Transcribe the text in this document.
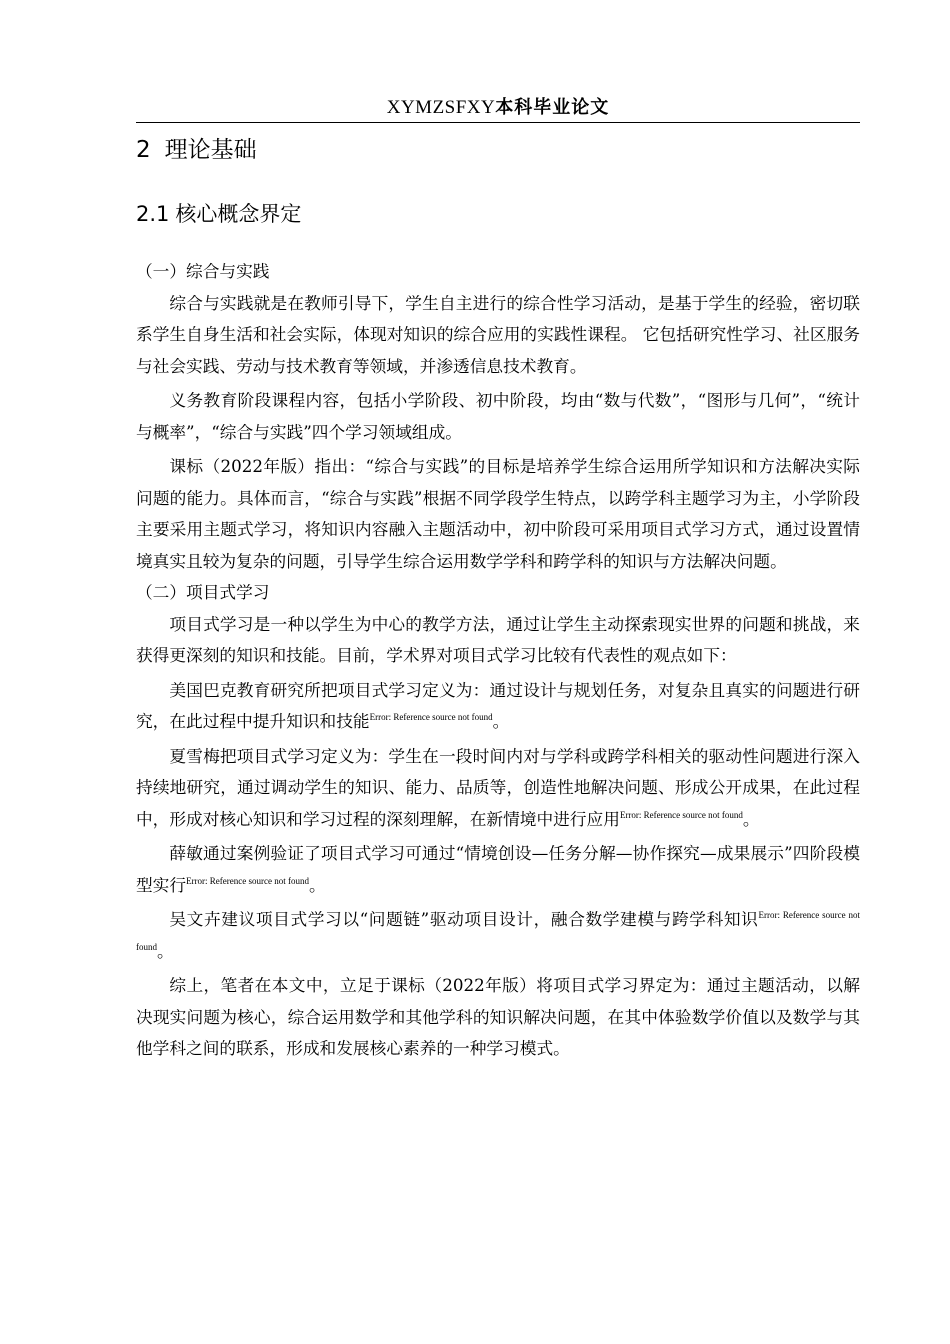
XYMZSFXY本科毕业论文
2 理论基础
2.1 核心概念界定
（一）综合与实践

综合与实践就是在教师引导下，学生自主进行的综合性学习活动，是基于学生的经验，密切联系学生自身生活和社会实际，体现对知识的综合应用的实践性课程。 它包括研究性学习、社区服务与社会实践、劳动与技术教育等领域，并渗透信息技术教育。

义务教育阶段课程内容，包括小学阶段、初中阶段，均由“数与代数”，“图形与几何”，“统计与概率”，“综合与实践”四个学习领域组成。

课标（2022年版）指出：“综合与实践”的目标是培养学生综合运用所学知识和方法解决实际问题的能力。具体而言，“综合与实践”根据不同学段学生特点，以跨学科主题学习为主，小学阶段主要采用主题式学习，将知识内容融入主题活动中，初中阶段可采用项目式学习方式，通过设置情境真实且较为复杂的问题，引导学生综合运用数学学科和跨学科的知识与方法解决问题。

（二）项目式学习

项目式学习是一种以学生为中心的教学方法，通过让学生主动探索现实世界的问题和挑战，来获得更深刻的知识和技能。目前，学术界对项目式学习比较有代表性的观点如下：

美国巴克教育研究所把项目式学习定义为：通过设计与规划任务，对复杂且真实的问题进行研究，在此过程中提升知识和技能$^{Error: Reference source not found}$。

夏雪梅把项目式学习定义为：学生在一段时间内对与学科或跨学科相关的驱动性问题进行深入持续地研究，通过调动学生的知识、能力、品质等，创造性地解决问题、形成公开成果，在此过程中，形成对核心知识和学习过程的深刻理解，在新情境中进行应用$^{Error: Reference source not found}$。

薛敏通过案例验证了项目式学习可通过“情境创设—任务分解—协作探究—成果展示”四阶段模型实行$^{Error: Reference source not found}$。

吴文卉建议项目式学习以“问题链”驱动项目设计，融合数学建模与跨学科知识$^{Error: Reference source not found}$。

综上，笔者在本文中，立足于课标（2022年版）将项目式学习界定为：通过主题活动，以解决现实问题为核心，综合运用数学和其他学科的知识解决问题，在其中体验数学价值以及数学与其他学科之间的联系，形成和发展核心素养的一种学习模式。
